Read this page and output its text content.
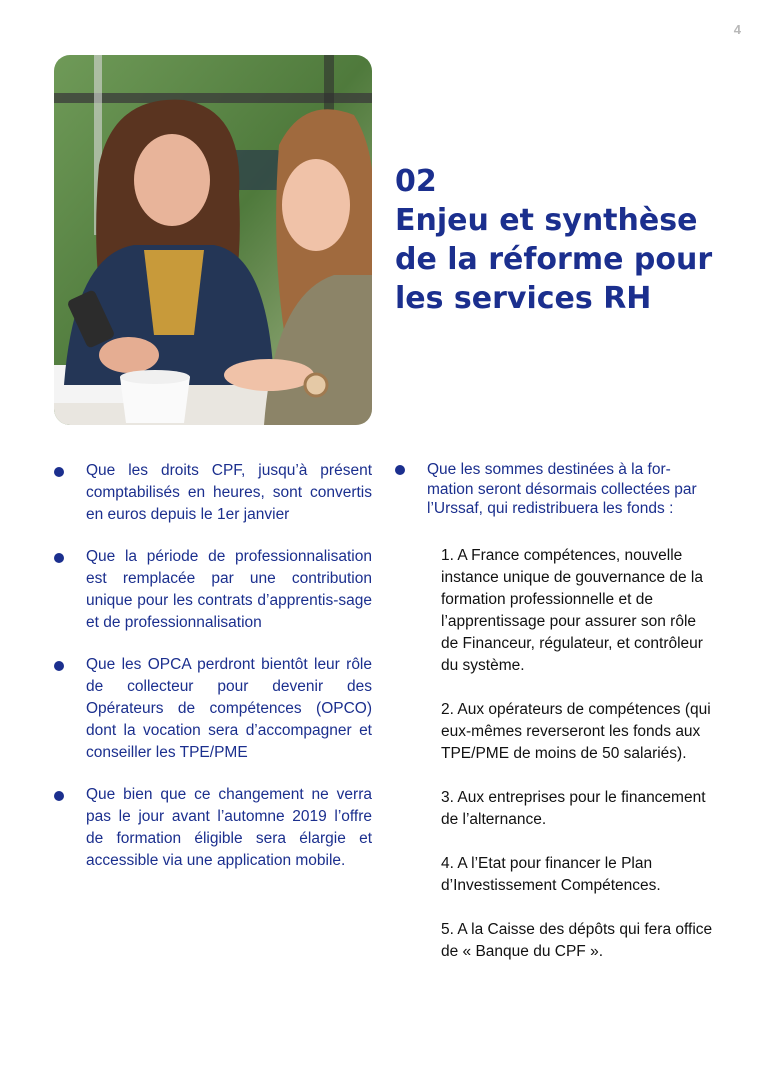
4
02
Enjeu et synthèse de la réforme pour les services RH
Que les droits CPF, jusqu’à présent comptabilisés en heures, sont convertis en euros depuis le 1er janvier
Que la période de professionnalisation est remplacée par une contribution unique pour les contrats d’apprentis-sage et de professionnalisation
Que les OPCA perdront bientôt leur rôle de collecteur pour devenir des Opérateurs de compétences (OPCO) dont la vocation sera d’accompagner et conseiller les TPE/PME
Que bien que ce changement ne verra pas le jour avant l’automne 2019 l’offre de formation éligible sera élargie et accessible via une application mobile.
Que les sommes destinées à la for-mation seront désormais collectées par l’Urssaf, qui redistribuera les fonds :
1. A France compétences, nouvelle instance unique de gouvernance de la formation professionnelle et de l’apprentissage pour assurer son rôle de Financeur, régulateur, et contrôleur du système.
2. Aux opérateurs de compétences (qui eux-mêmes reverseront les fonds aux TPE/PME de moins de 50 salariés).
3. Aux entreprises pour le financement de l’alternance.
4. A l’Etat pour financer le Plan d’Investissement Compétences.
5. A la Caisse des dépôts qui fera office de « Banque du CPF ».
